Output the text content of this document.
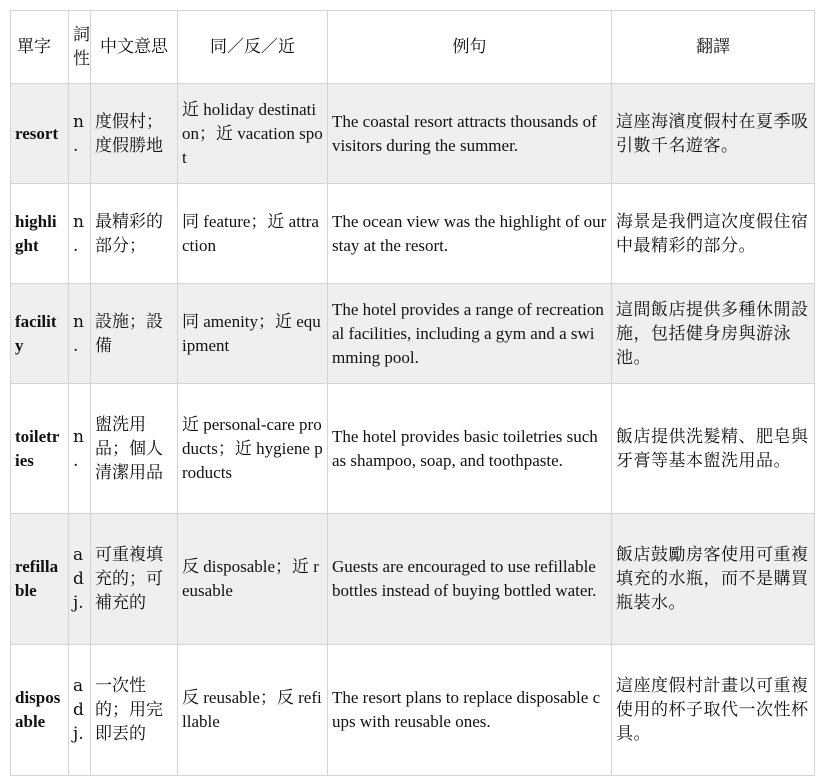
單字	詞性	中文意思	同／反／近	例句	翻譯
resort	n.	度假村；度假勝地	近 holiday destination；近 vacation spot	The coastal resort attracts thousands of visitors during the summer.	這座海濱度假村在夏季吸引數千名遊客。
highlight	n.	最精彩的部分；	同 feature；近 attraction	The ocean view was the highlight of our stay at the resort.	海景是我們這次度假住宿中最精彩的部分。
facility	n.	設施；設備	同 amenity；近 equipment	The hotel provides a range of recreational facilities, including a gym and a swimming pool.	這間飯店提供多種休閒設施，包括健身房與游泳池。
toiletries	n.	盥洗用品；個人清潔用品	近 personal-care products；近 hygiene products	The hotel provides basic toiletries such as shampoo, soap, and toothpaste.	飯店提供洗髮精、肥皂與牙膏等基本盥洗用品。
refillable	adj.	可重複填充的；可補充的	反 disposable；近 reusable	Guests are encouraged to use refillable bottles instead of buying bottled water.	飯店鼓勵房客使用可重複填充的水瓶，而不是購買瓶裝水。
disposable	adj.	一次性的；用完即丟的	反 reusable；反 refillable	The resort plans to replace disposable cups with reusable ones.	這座度假村計畫以可重複使用的杯子取代一次性杯具。
